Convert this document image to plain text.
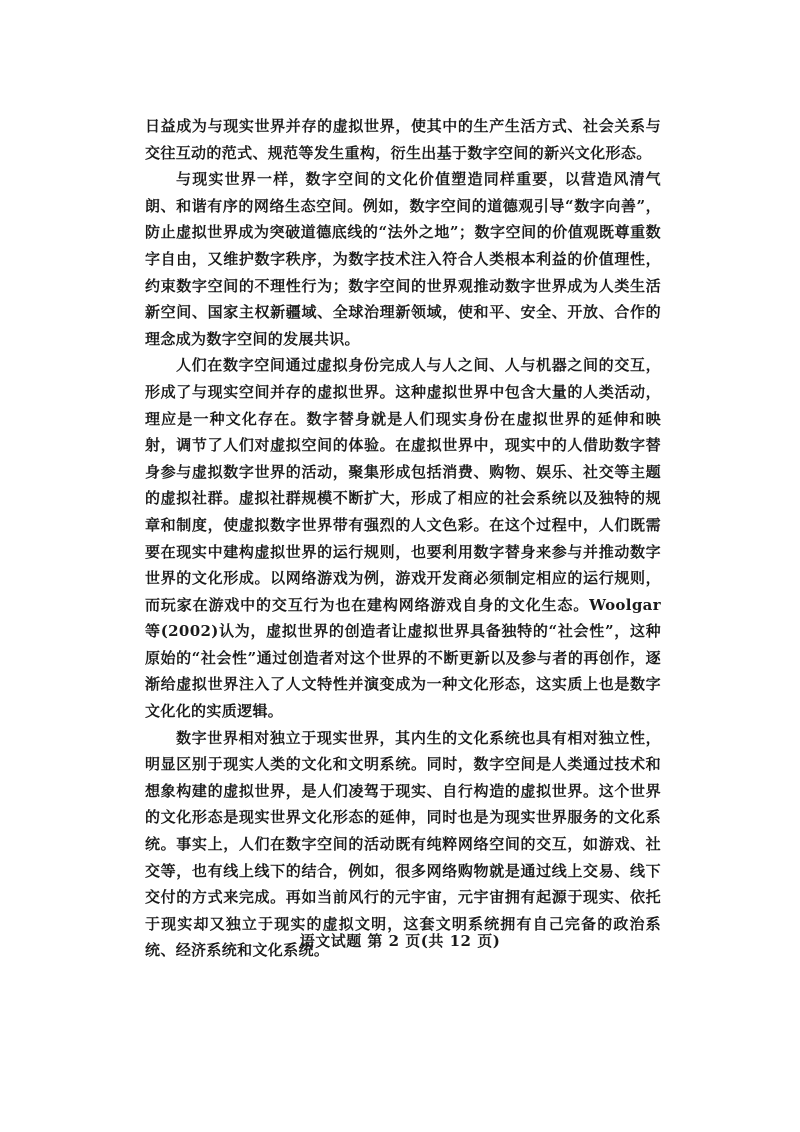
日益成为与现实世界并存的虚拟世界，使其中的生产生活方式、社会关系与交往互动的范式、规范等发生重构，衍生出基于数字空间的新兴文化形态。

与现实世界一样，数字空间的文化价值塑造同样重要，以营造风清气朗、和谐有序的网络生态空间。例如，数字空间的道德观引导“数字向善”，防止虚拟世界成为突破道德底线的“法外之地”；数字空间的价值观既尊重数字自由，又维护数字秩序，为数字技术注入符合人类根本利益的价值理性，约束数字空间的不理性行为；数字空间的世界观推动数字世界成为人类生活新空间、国家主权新疆域、全球治理新领域，使和平、安全、开放、合作的理念成为数字空间的发展共识。

人们在数字空间通过虚拟身份完成人与人之间、人与机器之间的交互，形成了与现实空间并存的虚拟世界。这种虚拟世界中包含大量的人类活动，理应是一种文化存在。数字替身就是人们现实身份在虚拟世界的延伸和映射，调节了人们对虚拟空间的体验。在虚拟世界中，现实中的人借助数字替身参与虚拟数字世界的活动，聚集形成包括消费、购物、娱乐、社交等主题的虚拟社群。虚拟社群规模不断扩大，形成了相应的社会系统以及独特的规章和制度，使虚拟数字世界带有强烈的人文色彩。在这个过程中，人们既需要在现实中建构虚拟世界的运行规则，也要利用数字替身来参与并推动数字世界的文化形成。以网络游戏为例，游戏开发商必须制定相应的运行规则，而玩家在游戏中的交互行为也在建构网络游戏自身的文化生态。Woolgar等(2002)认为，虚拟世界的创造者让虚拟世界具备独特的“社会性”，这种原始的“社会性”通过创造者对这个世界的不断更新以及参与者的再创作，逐渐给虚拟世界注入了人文特性并演变成为一种文化形态，这实质上也是数字文化化的实质逻辑。

数字世界相对独立于现实世界，其内生的文化系统也具有相对独立性，明显区别于现实人类的文化和文明系统。同时，数字空间是人类通过技术和想象构建的虚拟世界，是人们凌驾于现实、自行构造的虚拟世界。这个世界的文化形态是现实世界文化形态的延伸，同时也是为现实世界服务的文化系统。事实上，人们在数字空间的活动既有纯粹网络空间的交互，如游戏、社交等，也有线上线下的结合，例如，很多网络购物就是通过线上交易、线下交付的方式来完成。再如当前风行的元宇宙，元宇宙拥有起源于现实、依托于现实却又独立于现实的虚拟文明，这套文明系统拥有自己完备的政治系统、经济系统和文化系统。

语文试题 第 2 页(共 12 页)
